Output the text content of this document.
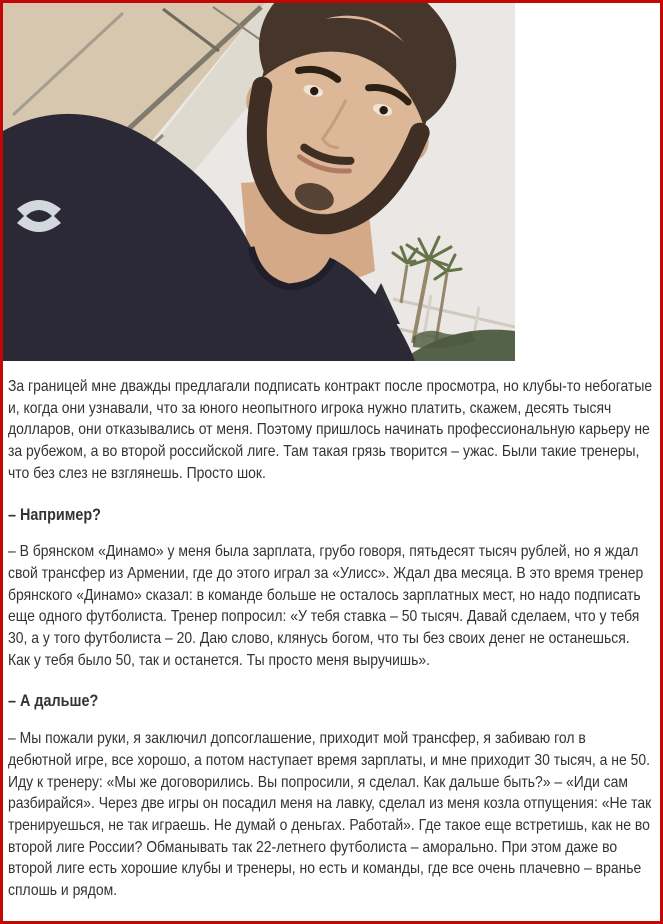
За границей мне дважды предлагали подписать контракт после просмотра, но клубы-то небогатые и, когда они узнавали, что за юного неопытного игрока нужно платить, скажем, десять тысяч долларов, они отказывались от меня. Поэтому пришлось начинать профессиональную карьеру не за рубежом, а во второй российской лиге. Там такая грязь творится – ужас. Были такие тренеры, что без слез не взглянешь. Просто шок.

– Например?

– В брянском «Динамо» у меня была зарплата, грубо говоря, пятьдесят тысяч рублей, но я ждал свой трансфер из Армении, где до этого играл за «Улисс». Ждал два месяца. В это время тренер брянского «Динамо» сказал: в команде больше не осталось зарплатных мест, но надо подписать еще одного футболиста. Тренер попросил: «У тебя ставка – 50 тысяч. Давай сделаем, что у тебя 30, а у того футболиста – 20. Даю слово, клянусь богом, что ты без своих денег не останешься. Как у тебя было 50, так и останется. Ты просто меня выручишь».

– А дальше?

– Мы пожали руки, я заключил допсоглашение, приходит мой трансфер, я забиваю гол в дебютной игре, все хорошо, а потом наступает время зарплаты, и мне приходит 30 тысяч, а не 50. Иду к тренеру: «Мы же договорились. Вы попросили, я сделал. Как дальше быть?» – «Иди сам разбирайся». Через две игры он посадил меня на лавку, сделал из меня козла отпущения: «Не так тренируешься, не так играешь. Не думай о деньгах. Работай». Где такое еще встретишь, как не во второй лиге России? Обманывать так 22-летнего футболиста – аморально. При этом даже во второй лиге есть хорошие клубы и тренеры, но есть и команды, где все очень плачевно – вранье сплошь и рядом.
